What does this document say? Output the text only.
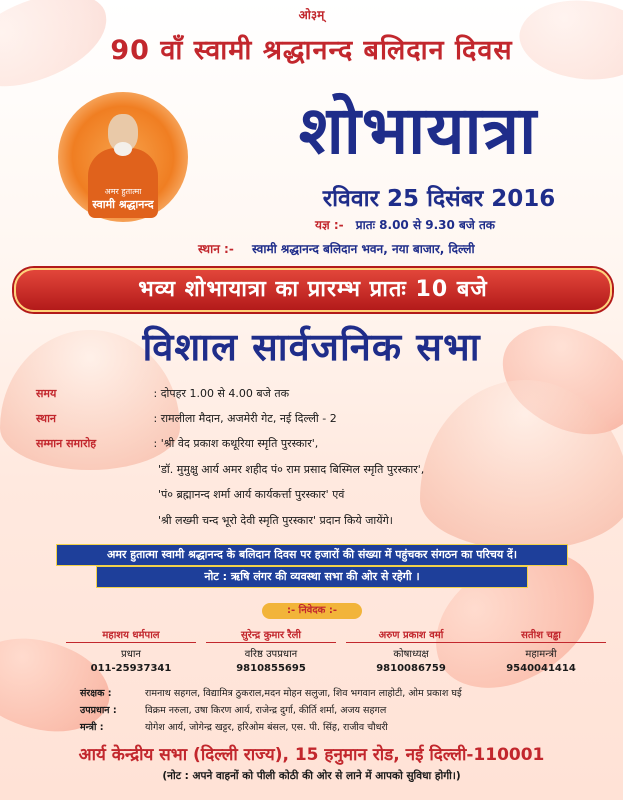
ओ३म्
90 वाँ स्वामी श्रद्धानन्द बलिदान दिवस
अमर हुतात्मा
स्वामी श्रद्धानन्द
शोभायात्रा
रविवार 25 दिसंबर 2016
यज्ञ :- प्रातः 8.00 से 9.30 बजे तक
स्थान :- स्वामी श्रद्धानन्द बलिदान भवन, नया बाजार, दिल्ली
भव्य शोभायात्रा का प्रारम्भ प्रातः 10 बजे
विशाल सार्वजनिक सभा
समय	: दोपहर 1.00 से 4.00 बजे तक
स्थान	: रामलीला मैदान, अजमेरी गेट, नई दिल्ली - 2
सम्मान समारोह	: 'श्री वेद प्रकाश कथूरिया स्मृति पुरस्कार',
'डॉ. मुमुक्षु आर्य अमर शहीद पं० राम प्रसाद बिस्मिल स्मृति पुरस्कार',
'पं० ब्रह्मानन्द शर्मा आर्य कार्यकर्त्ता पुरस्कार' एवं
'श्री लख्मी चन्द भूरो देवी स्मृति पुरस्कार' प्रदान किये जायेंगे।
अमर हुतात्मा स्वामी श्रद्धानन्द के बलिदान दिवस पर हजारों की संख्या में पहुंचकर संगठन का परिचय दें।
नोट : ऋषि लंगर की व्यवस्था सभा की ओर से रहेगी ।
:- निवेदक :-
महाशय धर्मपाल
प्रधान
011-25937341
सुरेन्द्र कुमार रैली
वरिष्ठ उपप्रधान
9810855695
अरुण प्रकाश वर्मा
कोषाध्यक्ष
9810086759
सतीश चड्ढा
महामन्त्री
9540041414
संरक्षक :	रामनाथ सहगल, विद्यामित्र ठुकराल,मदन मोहन सलुजा, शिव भगवान लाहोटी, ओम प्रकाश घई
उपप्रधान :	विक्रम नरुला, उषा किरण आर्य, राजेन्द्र दुर्गा, कीर्ति शर्मा, अजय सहगल
मन्त्री :	योगेश आर्य, जोगेन्द्र खट्टर, हरिओम बंसल, एस. पी. सिंह, राजीव चौधरी
आर्य केन्द्रीय सभा (दिल्ली राज्य), 15 हनुमान रोड, नई दिल्ली-110001
(नोट : अपने वाहनों को पीली कोठी की ओर से लाने में आपको सुविधा होगी।)
